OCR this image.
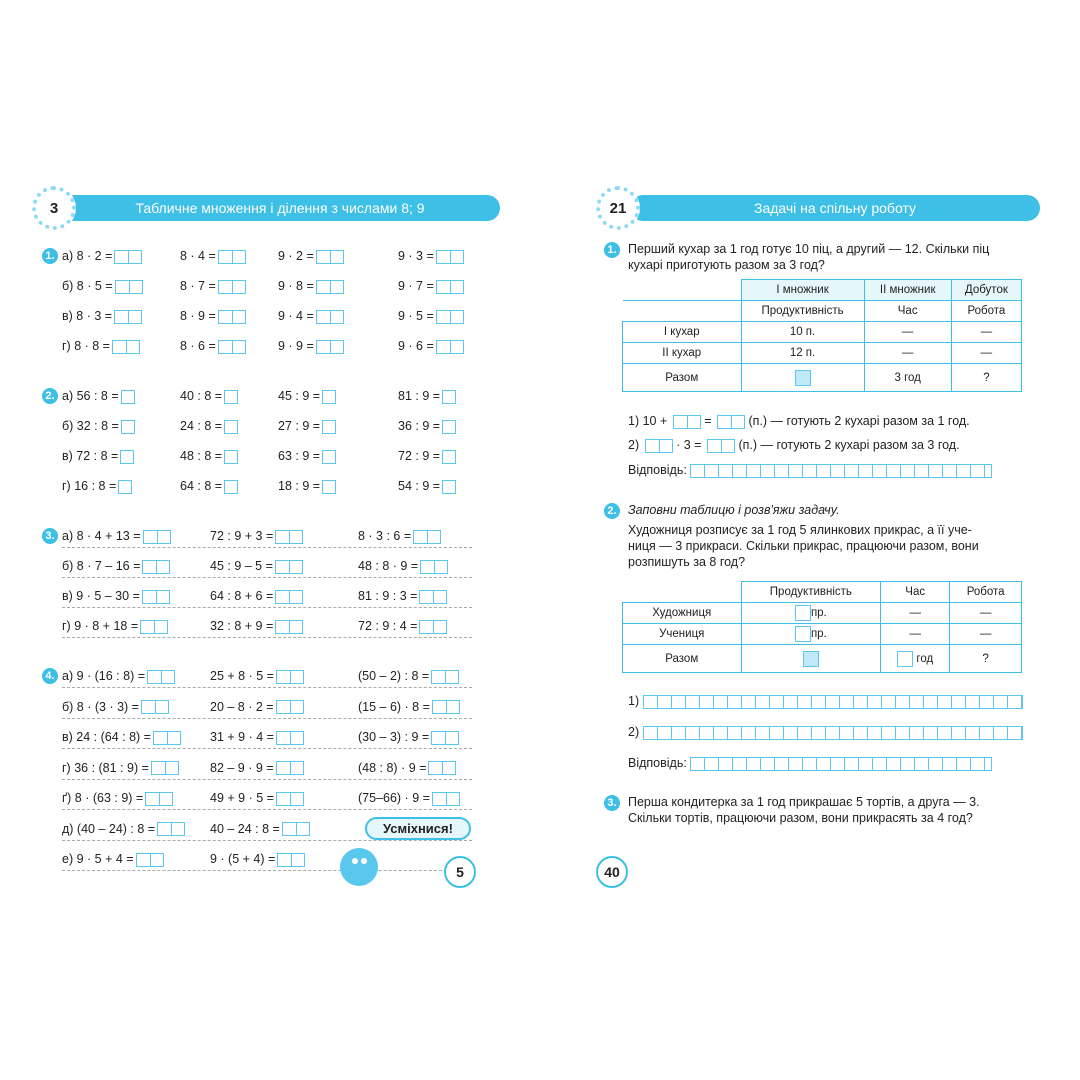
Табличне множення і ділення з числами 8; 9
3
1. а) 8 · 2 =	8 · 4 =	9 · 2 =	9 · 3 =
б) 8 · 5 =	8 · 7 =	9 · 8 =	9 · 7 =
в) 8 · 3 =	8 · 9 =	9 · 4 =	9 · 5 =
г) 8 · 8 =	8 · 6 =	9 · 9 =	9 · 6 =
2. а) 56 : 8 =	40 : 8 =	45 : 9 =	81 : 9 =
б) 32 : 8 =	24 : 8 =	27 : 9 =	36 : 9 =
в) 72 : 8 =	48 : 8 =	63 : 9 =	72 : 9 =
г) 16 : 8 =	64 : 8 =	18 : 9 =	54 : 9 =
3. а) 8 · 4 + 13 =	72 : 9 + 3 =	8 · 3 : 6 =
б) 8 · 7 – 16 =	45 : 9 – 5 =	48 : 8 · 9 =
в) 9 · 5 – 30 =	64 : 8 + 6 =	81 : 9 : 3 =
г) 9 · 8 + 18 =	32 : 8 + 9 =	72 : 9 : 4 =
4. а) 9 · (16 : 8) =	25 + 8 · 5 =	(50 – 2) : 8 =
б) 8 · (3 · 3) =	20 – 8 · 2 =	(15 – 6) · 8 =
в) 24 : (64 : 8) =	31 + 9 · 4 =	(30 – 3) : 9 =
г) 36 : (81 : 9) =	82 – 9 · 9 =	(48 : 8) · 9 =
ґ) 8 · (63 : 9) =	49 + 9 · 5 =	(75–66) · 9 =
д) (40 – 24) : 8 =	40 – 24 : 8 =
е) 9 · 5 + 4 =	9 · (5 + 4) =
Усміхнися!
5
Задачі на спільну роботу
21
1. Перший кухар за 1 год готує 10 піц, а другий — 12. Скільки піц
кухарі приготують разом за 3 год?
	І множник	ІІ множник	Добуток
	Продуктивність	Час	Робота
І кухар	10 п.	—	—
ІІ кухар	12 п.	—	—
Разом		3 год	?
1) 10 +	=	(п.) — готують 2 кухарі разом за 1 год.
2)	· 3 =	(п.) — готують 2 кухарі разом за 3 год.
Відповідь:
2. Заповни таблицю і розв'яжи задачу.
Художниця розписує за 1 год 5 ялинкових прикрас, а її уче-
ниця — 3 прикраси. Скільки прикрас, працюючи разом, вони
розпишуть за 8 год?
	Продуктивність	Час	Робота
Художниця	пр.	—	—
Учениця	пр.	—	—
Разом		год	?
1)
2)
Відповідь:
3. Перша кондитерка за 1 год прикрашає 5 тортів, а друга — 3.
Скільки тортів, працюючи разом, вони прикрасять за 4 год?
40
